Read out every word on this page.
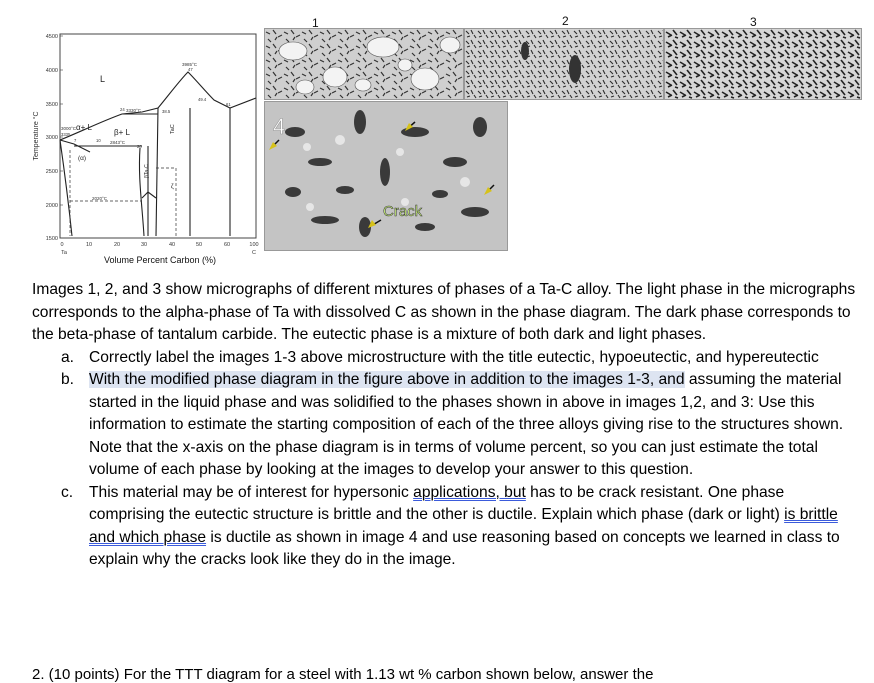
4500
4000
3500
3000
2500
2000
1500
0	10	20	30	40	50	60	100
Ta	C
Temperature °C
Volume Percent Carbon (%)
L
α+ L
β+ L
(α)
TaC
βTa₂C
ζ
3985°C
3330°C
3000°C
2843°C
2020°C
47
24	38.5
49.4
61
28
7	10
3335	4
Crack
1	2	3

Images 1, 2, and 3 show micrographs of different mixtures of phases of a Ta-C alloy. The light phase in the micrographs corresponds to the alpha-phase of Ta with dissolved C as shown in the phase diagram. The dark phase corresponds to the beta-phase of tantalum carbide. The eutectic phase is a mixture of both dark and light phases.

a. Correctly label the images 1-3 above microstructure with the title eutectic, hypoeutectic, and hypereutectic
b. With the modified phase diagram in the figure above in addition to the images 1-3, and assuming the material started in the liquid phase and was solidified to the phases shown in above in images 1,2, and 3: Use this information to estimate the starting composition of each of the three alloys giving rise to the structures shown. Note that the x-axis on the phase diagram is in terms of volume percent, so you can just estimate the total volume of each phase by looking at the images to develop your answer to this question.
c. This material may be of interest for hypersonic applications, but has to be crack resistant. One phase comprising the eutectic structure is brittle and the other is ductile. Explain which phase (dark or light) is brittle and which phase is ductile as shown in image 4 and use reasoning based on concepts we learned in class to explain why the cracks look like they do in the image.
2. (10 points) For the TTT diagram for a steel with 1.13 wt % carbon shown below, answer the
